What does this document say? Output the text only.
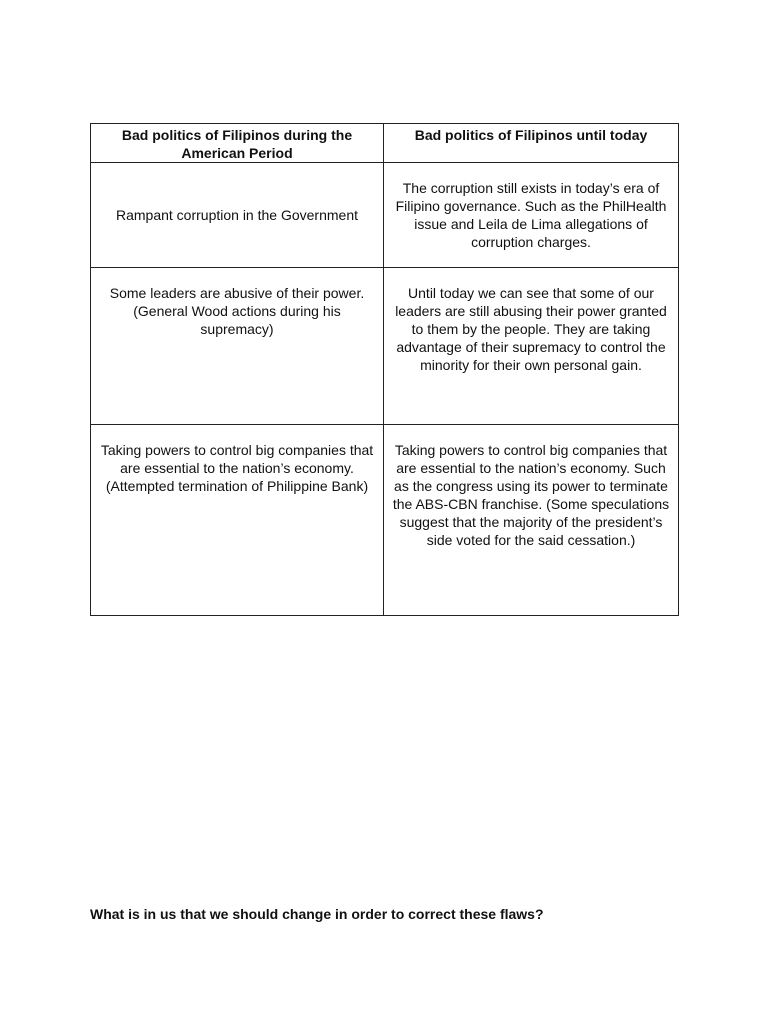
Bad politics of Filipinos during the American Period	Bad politics of Filipinos until today
Rampant corruption in the Government	The corruption still exists in today’s era of Filipino governance. Such as the PhilHealth issue and Leila de Lima allegations of corruption charges.
Some leaders are abusive of their power. (General Wood actions during his supremacy)	Until today we can see that some of our leaders are still abusing their power granted to them by the people. They are taking advantage of their supremacy to control the minority for their own personal gain.
Taking powers to control big companies that are essential to the nation’s economy. (Attempted termination of Philippine Bank)	Taking powers to control big companies that are essential to the nation’s economy. Such as the congress using its power to terminate the ABS-CBN franchise. (Some speculations suggest that the majority of the president’s side voted for the said cessation.)

What is in us that we should change in order to correct these flaws?
